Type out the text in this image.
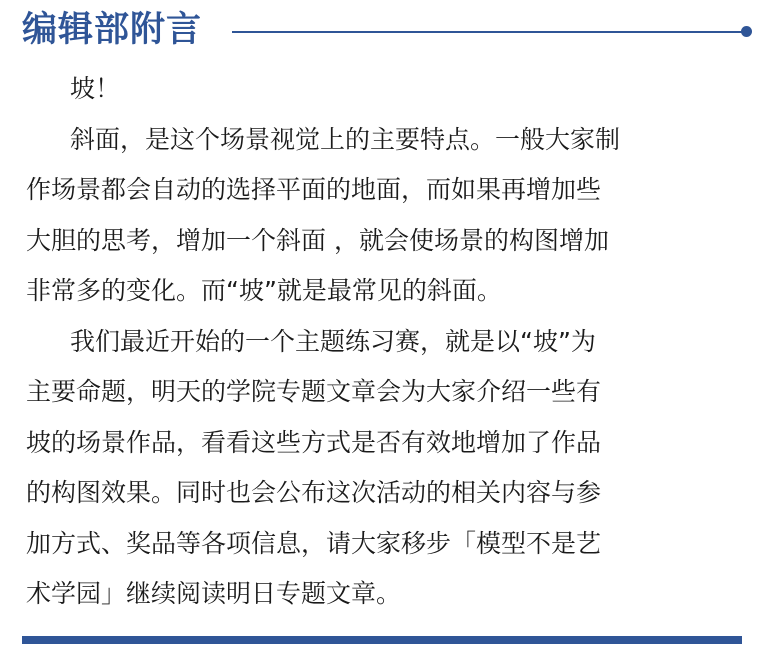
编辑部附言
坡！
斜面，是这个场景视觉上的主要特点。一般大家制
作场景都会自动的选择平面的地面，而如果再增加些
大胆的思考，增加一个斜面 ，就会使场景的构图增加
非常多的变化。而“坡”就是最常见的斜面。
我们最近开始的一个主题练习赛，就是以“坡”为
主要命题，明天的学院专题文章会为大家介绍一些有
坡的场景作品，看看这些方式是否有效地增加了作品
的构图效果。同时也会公布这次活动的相关内容与参
加方式、奖品等各项信息，请大家移步「模型不是艺
术学园」继续阅读明日专题文章。
